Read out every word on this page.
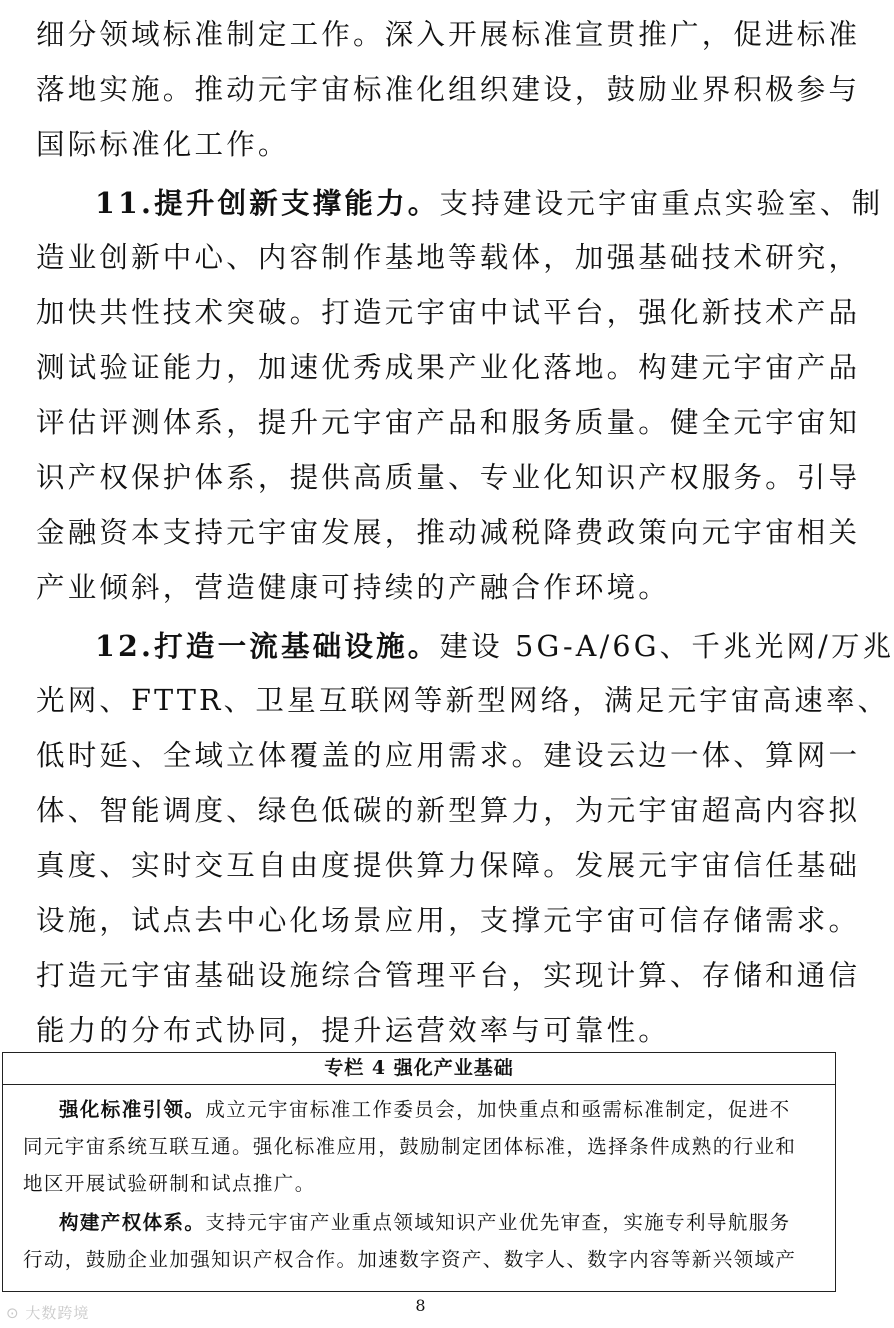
细分领域标准制定工作。深入开展标准宣贯推广，促进标准
落地实施。推动元宇宙标准化组织建设，鼓励业界积极参与
国际标准化工作。
11.提升创新支撑能力。支持建设元宇宙重点实验室、制
造业创新中心、内容制作基地等载体，加强基础技术研究，
加快共性技术突破。打造元宇宙中试平台，强化新技术产品
测试验证能力，加速优秀成果产业化落地。构建元宇宙产品
评估评测体系，提升元宇宙产品和服务质量。健全元宇宙知
识产权保护体系，提供高质量、专业化知识产权服务。引导
金融资本支持元宇宙发展，推动减税降费政策向元宇宙相关
产业倾斜，营造健康可持续的产融合作环境。
12.打造一流基础设施。建设 5G-A/6G、千兆光网/万兆
光网、FTTR、卫星互联网等新型网络，满足元宇宙高速率、
低时延、全域立体覆盖的应用需求。建设云边一体、算网一
体、智能调度、绿色低碳的新型算力，为元宇宙超高内容拟
真度、实时交互自由度提供算力保障。发展元宇宙信任基础
设施，试点去中心化场景应用，支撑元宇宙可信存储需求。
打造元宇宙基础设施综合管理平台，实现计算、存储和通信
能力的分布式协同，提升运营效率与可靠性。
专栏 4 强化产业基础
强化标准引领。成立元宇宙标准工作委员会，加快重点和亟需标准制定，促进不
同元宇宙系统互联互通。强化标准应用，鼓励制定团体标准，选择条件成熟的行业和
地区开展试验研制和试点推广。
构建产权体系。支持元宇宙产业重点领域知识产业优先审查，实施专利导航服务
行动，鼓励企业加强知识产权合作。加速数字资产、数字人、数字内容等新兴领域产
8
⊙ 大数跨境
